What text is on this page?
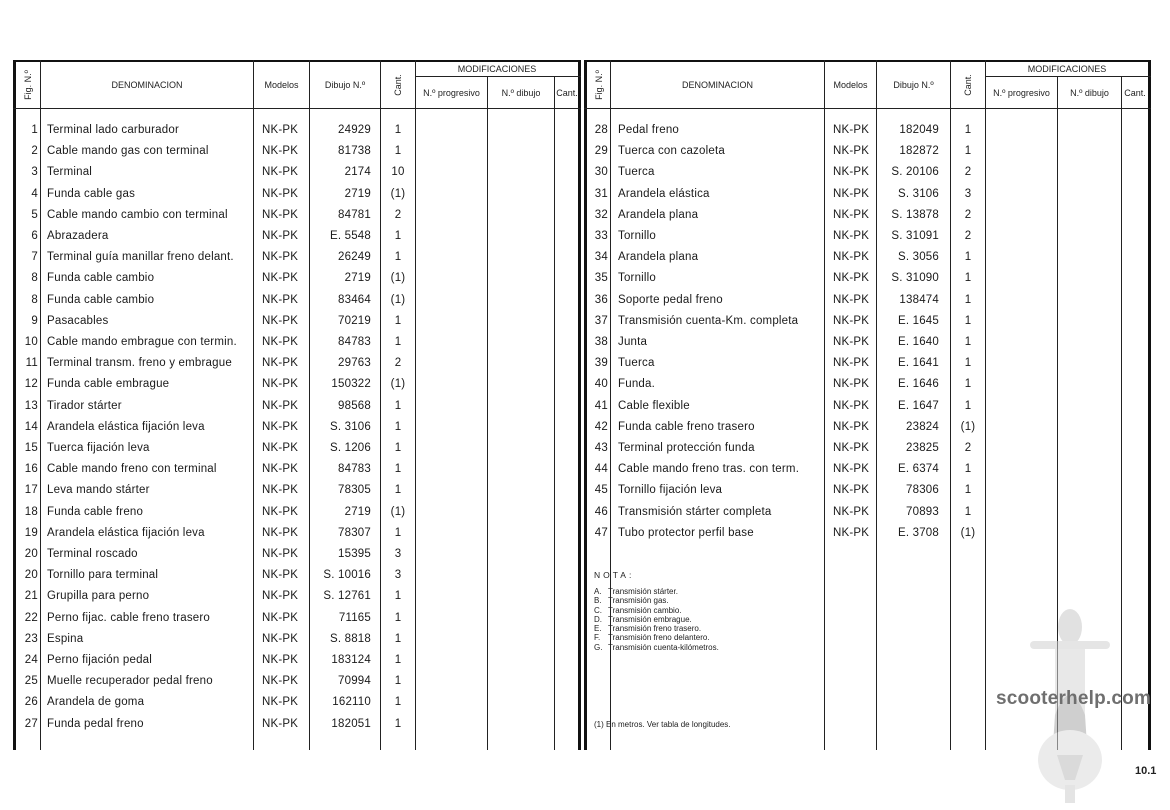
Fig. N.º	DENOMINACION	Modelos	Dibujo N.º	Cant.
MODIFICACIONES
N.º progresivo	N.º dibujo	Cant.
1 Terminal lado carburador	NK-PK	24929	1
2 Cable mando gas con terminal	NK-PK	81738	1
3 Terminal	NK-PK	2174	10
4 Funda cable gas	NK-PK	2719	(1)
5 Cable mando cambio con terminal	NK-PK	84781	2
6 Abrazadera	NK-PK	E. 5548	1
7 Terminal guía manillar freno delant. NK-PK	26249	1
8 Funda cable cambio	NK-PK	2719	(1)
8 Funda cable cambio	NK-PK	83464	(1)
9 Pasacables	NK-PK	70219	1
10 Cable mando embrague con termin. NK-PK	84783	1
11 Terminal transm. freno y embrague	NK-PK	29763	2
12 Funda cable embrague	NK-PK	150322	(1)
13 Tirador stárter	NK-PK	98568	1
14 Arandela elástica fijación leva	NK-PK	S. 3106	1
15 Tuerca fijación leva	NK-PK	S. 1206	1
16 Cable mando freno con terminal	NK-PK	84783	1
17 Leva mando stárter	NK-PK	78305	1
18 Funda cable freno	NK-PK	2719	(1)
19 Arandela elástica fijación leva	NK-PK	78307	1
20 Terminal roscado	NK-PK	15395	3
20 Tornillo para terminal	NK-PK	S. 10016	3
21 Grupilla para perno	NK-PK	S. 12761	1
22 Perno fijac. cable freno trasero	NK-PK	71165	1
23 Espina	NK-PK	S. 8818	1
24 Perno fijación pedal	NK-PK	183124	1
25 Muelle recuperador pedal freno	NK-PK	70994	1
26 Arandela de goma	NK-PK	162110	1
27 Funda pedal freno	NK-PK	182051	1
Fig. N.º	DENOMINACION	Modelos	Dibujo N.º	Cant.
MODIFICACIONES
N.º progresivo	N.º dibujo	Cant.
28 Pedal freno	NK-PK	182049	1
29 Tuerca con cazoleta	NK-PK	182872	1
30 Tuerca	NK-PK	S. 20106	2
31 Arandela elástica	NK-PK	S. 3106	3
32 Arandela plana	NK-PK	S. 13878	2
33 Tornillo	NK-PK	S. 31091	2
34 Arandela plana	NK-PK	S. 3056	1
35 Tornillo	NK-PK	S. 31090	1
36 Soporte pedal freno	NK-PK	138474	1
37 Transmisión cuenta-Km. completa	NK-PK	E. 1645	1
38 Junta	NK-PK	E. 1640	1
39 Tuerca	NK-PK	E. 1641	1
40 Funda.	NK-PK	E. 1646	1
41 Cable flexible	NK-PK	E. 1647	1
42 Funda cable freno trasero	NK-PK	23824	(1)
43 Terminal protección funda	NK-PK	23825	2
44 Cable mando freno tras. con term.	NK-PK	E. 6374	1
45 Tornillo fijación leva	NK-PK	78306	1
46 Transmisión stárter completa	NK-PK	70893	1
47 Tubo protector perfil base	NK-PK	E. 3708	(1)
NOTA:
A. Transmisión stárter.
B. Transmisión gas.
C. Transmisión cambio.
D. Transmisión embrague.
E. Transmisión freno trasero.
F. Transmisión freno delantero.
G. Transmisión cuenta-kilómetros.
(1) En metros. Ver tabla de longitudes.
scooterhelp.com
10.1
